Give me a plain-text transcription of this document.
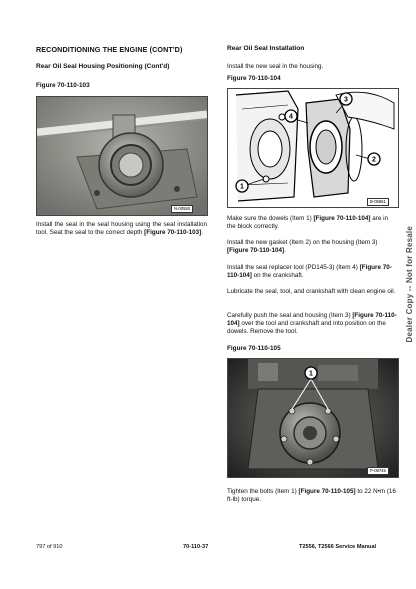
RECONDITIONING THE ENGINE (CONT'D)
Rear Oil Seal Housing Positioning (Cont'd)
Figure 70-110-103
N-00550
Install the seal in the seal housing using the seal installation tool. Seat the seal to the correct depth [Figure 70-110-103].
Rear Oil Seal Installation
Install the new seal in the housing.
Figure 70-110-104
1
2
3
4
B-05561
Make sure the dowels (Item 1) [Figure 70-110-104] are in the block correctly.
Install the new gasket (Item 2) on the housing (Item 3) [Figure 70-110-104].
Install the seal replacer tool (PD145-3) (Item 4) [Figure 70-110-104] on the crankshaft.
Lubricate the seal, tool, and crankshaft with clean engine oil.
Carefully push the seal and housing (Item 3) [Figure 70-110-104] over the tool and crankshaft and into position on the dowels. Remove the tool.
Figure 70-110-105
1
P-08745
Tighten the bolts (Item 1) [Figure 70-110-105] to 22 N•m (16 ft-lb) torque.
Dealer Copy -- Not for Resale
797 of 910	70-110-37	T2556, T2566 Service Manual
